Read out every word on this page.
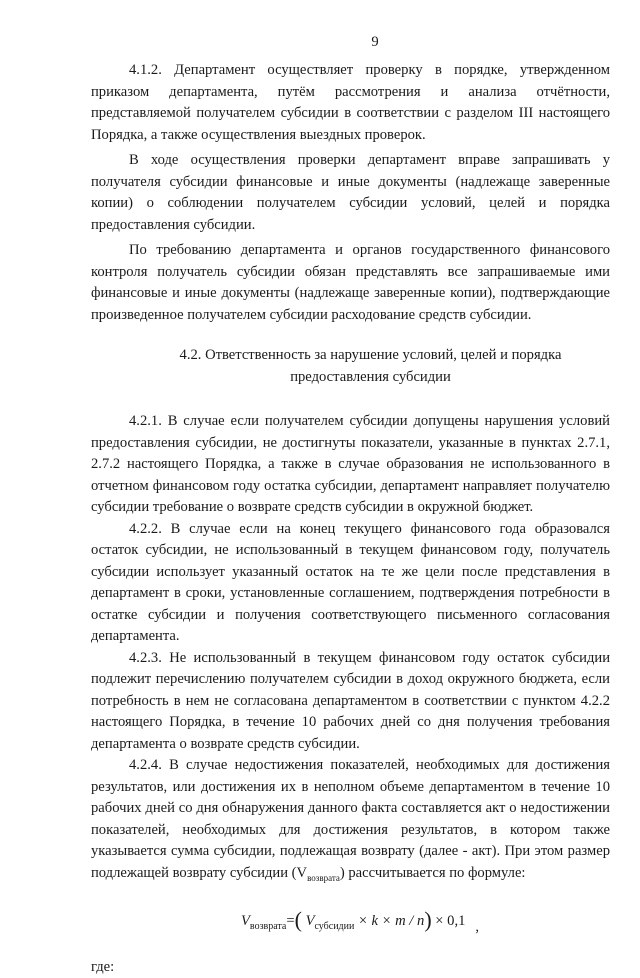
9

4.1.2. Департамент осуществляет проверку в порядке, утвержденном приказом департамента, путём рассмотрения и анализа отчётности, представляемой получателем субсидии в соответствии с разделом III настоящего Порядка, а также осуществления выездных проверок.

В ходе осуществления проверки департамент вправе запрашивать у получателя субсидии финансовые и иные документы (надлежаще заверенные копии) о соблюдении получателем субсидии условий, целей и порядка предоставления субсидии.

По требованию департамента и органов государственного финансового контроля получатель субсидии обязан представлять все запрашиваемые ими финансовые и иные документы (надлежаще заверенные копии), подтверждающие произведенное получателем субсидии расходование средств субсидии.

4.2. Ответственность за нарушение условий, целей и порядка предоставления субсидии

4.2.1. В случае если получателем субсидии допущены нарушения условий предоставления субсидии, не достигнуты показатели, указанные в пунктах 2.7.1, 2.7.2 настоящего Порядка, а также в случае образования не использованного в отчетном финансовом году остатка субсидии, департамент направляет получателю субсидии требование о возврате средств субсидии в окружной бюджет.

4.2.2. В случае если на конец текущего финансового года образовался остаток субсидии, не использованный в текущем финансовом году, получатель субсидии использует указанный остаток на те же цели после представления в департамент в сроки, установленные соглашением, подтверждения потребности в остатке субсидии и получения соответствующего письменного согласования департамента.

4.2.3. Не использованный в текущем финансовом году остаток субсидии подлежит перечислению получателем субсидии в доход окружного бюджета, если потребность в нем не согласована департаментом в соответствии с пунктом 4.2.2 настоящего Порядка, в течение 10 рабочих дней со дня получения требования департамента о возврате средств субсидии.

4.2.4. В случае недостижения показателей, необходимых для достижения результатов, или достижения их в неполном объеме департаментом в течение 10 рабочих дней со дня обнаружения данного факта составляется акт о недостижении показателей, необходимых для достижения результатов, в котором также указывается сумма субсидии, подлежащая возврату (далее - акт). При этом размер подлежащей возврату субсидии $(V_{возврата})$ рассчитывается по формуле:

$V_{возврата}=$( $V_{субсидии} \times k \times m / n) \times 0,1$ ,
где:
